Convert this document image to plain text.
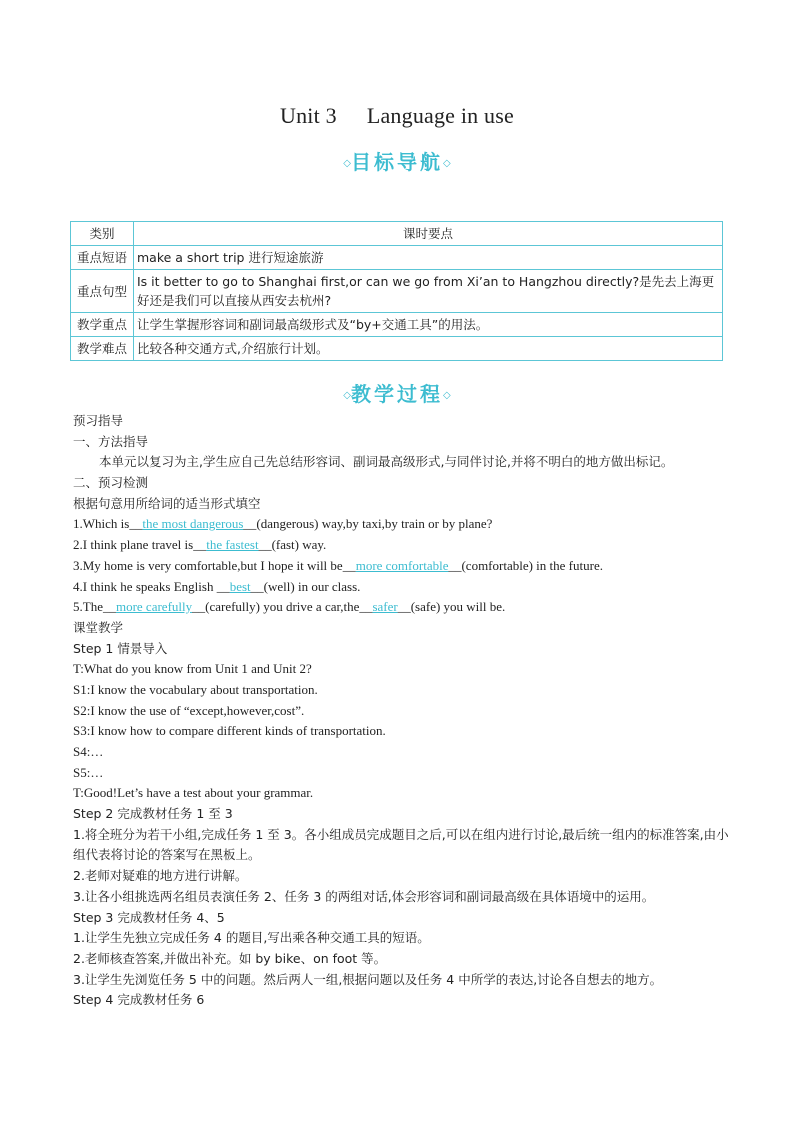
Unit 3 Language in use
◇目标导航◇
类别	课时要点
重点短语	make a short trip 进行短途旅游
重点句型	Is it better to go to Shanghai first,or can we go from Xi’an to Hangzhou directly?是先去上海更好还是我们可以直接从西安去杭州?
教学重点	让学生掌握形容词和副词最高级形式及“by+交通工具”的用法。
教学难点	比较各种交通方式,介绍旅行计划。
◇教学过程◇
预习指导
一、方法指导
本单元以复习为主,学生应自己先总结形容词、副词最高级形式,与同伴讨论,并将不明白的地方做出标记。
二、预习检测
根据句意用所给词的适当形式填空
1.Which is__the most dangerous__(dangerous) way,by taxi,by train or by plane?
2.I think plane travel is__the fastest__(fast) way.
3.My home is very comfortable,but I hope it will be__more comfortable__(comfortable) in the future.
4.I think he speaks English __best__(well) in our class.
5.The__more carefully__(carefully) you drive a car,the__safer__(safe) you will be.
课堂教学
Step 1 情景导入
T:What do you know from Unit 1 and Unit 2?
S1:I know the vocabulary about transportation.
S2:I know the use of “except,however,cost”.
S3:I know how to compare different kinds of transportation.
S4:…
S5:…
T:Good!Let’s have a test about your grammar.
Step 2 完成教材任务 1 至 3
1.将全班分为若干小组,完成任务 1 至 3。各小组成员完成题目之后,可以在组内进行讨论,最后统一组内的标准答案,由小组代表将讨论的答案写在黑板上。
2.老师对疑难的地方进行讲解。
3.让各小组挑选两名组员表演任务 2、任务 3 的两组对话,体会形容词和副词最高级在具体语境中的运用。
Step 3 完成教材任务 4、5
1.让学生先独立完成任务 4 的题目,写出乘各种交通工具的短语。
2.老师核查答案,并做出补充。如 by bike、on foot 等。
3.让学生先浏览任务 5 中的问题。然后两人一组,根据问题以及任务 4 中所学的表达,讨论各自想去的地方。
Step 4 完成教材任务 6
